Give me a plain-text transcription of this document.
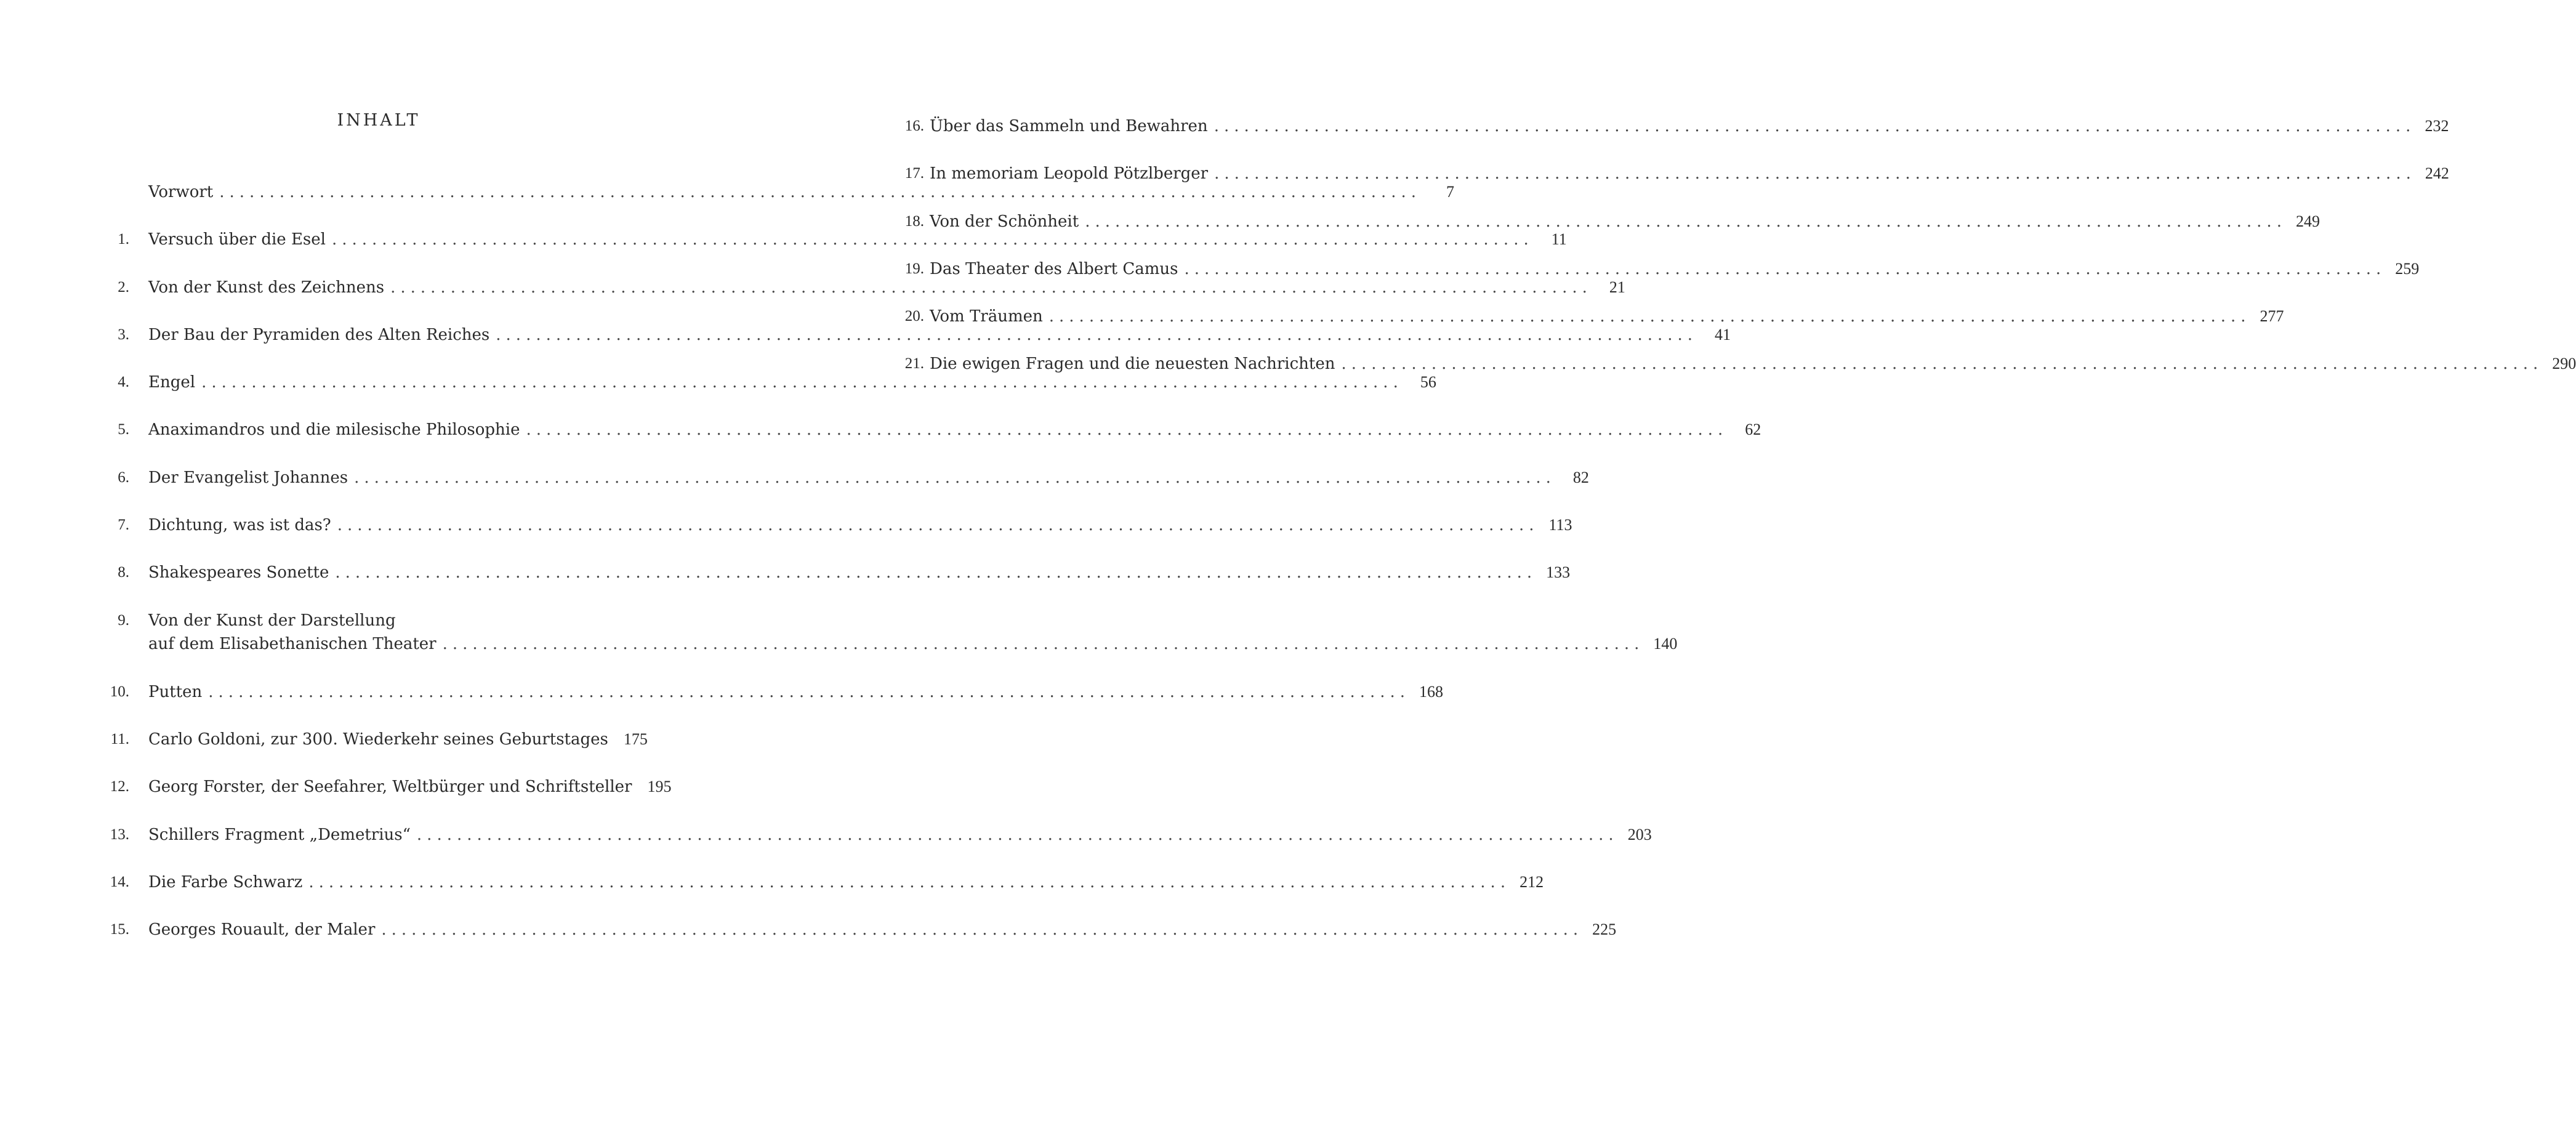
INHALT
Vorwort ........................................................................................................................	7
1. Versuch über die Esel ........................................................................................................................	11
2. Von der Kunst des Zeichnens ........................................................................................................................	21
3. Der Bau der Pyramiden des Alten Reiches ........................................................................................................................	41
4. Engel ........................................................................................................................	56
5. Anaximandros und die milesische Philosophie ........................................................................................................................	62
6. Der Evangelist Johannes ........................................................................................................................	82
7. Dichtung, was ist das? ........................................................................................................................ 113
8. Shakespeares Sonette ........................................................................................................................ 133
9. Von der Kunst der Darstellung
auf dem Elisabethanischen Theater ........................................................................................................................ 140
10. Putten ........................................................................................................................ 168
11. Carlo Goldoni, zur 300. Wiederkehr seines Geburtstages 175
12. Georg Forster, der Seefahrer, Weltbürger und Schriftsteller 195
13. Schillers Fragment „Demetrius“ ........................................................................................................................ 203
14. Die Farbe Schwarz ........................................................................................................................ 212
15. Georges Rouault, der Maler ........................................................................................................................ 225
16. Über das Sammeln und Bewahren ........................................................................................................................ 232
17. In memoriam Leopold Pötzlberger ........................................................................................................................ 242
18. Von der Schönheit ........................................................................................................................ 249
19. Das Theater des Albert Camus ........................................................................................................................ 259
20. Vom Träumen ........................................................................................................................ 277
21. Die ewigen Fragen und die neuesten Nachrichten ........................................................................................................................ 290
